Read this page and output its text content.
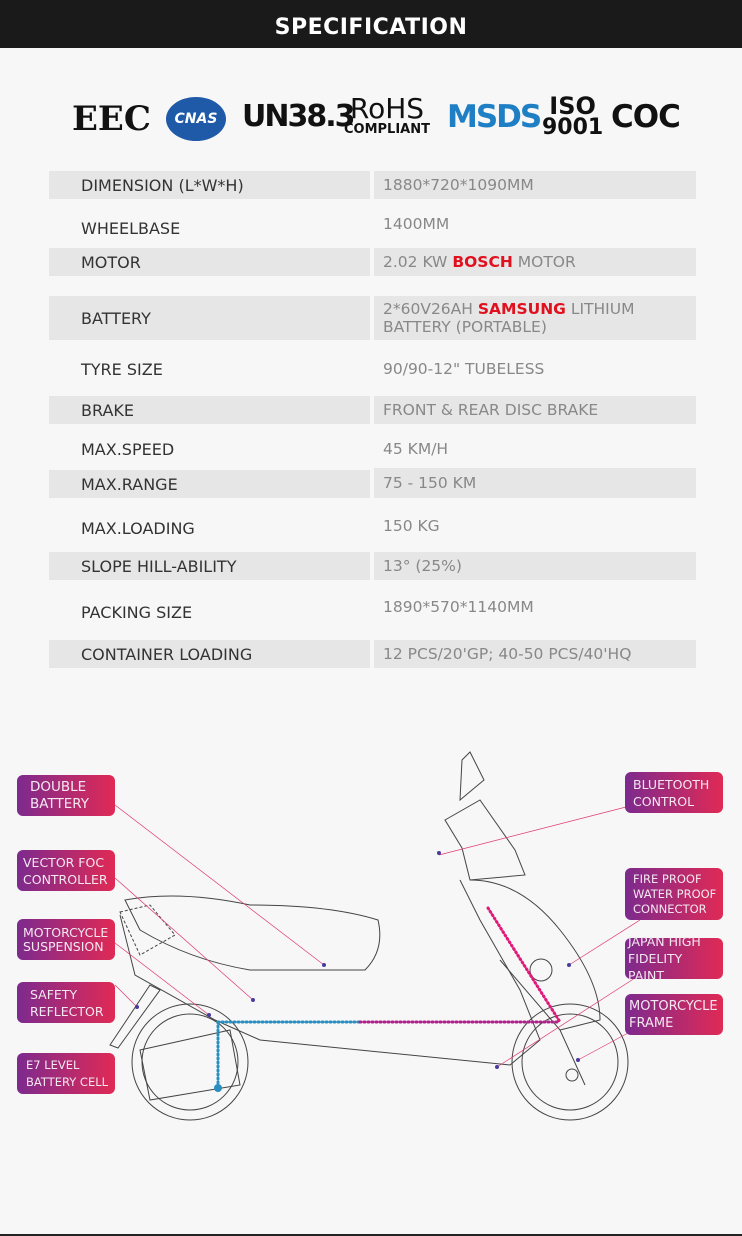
SPECIFICATION
EEC CNAS UN38.3
RoHS
COMPLIANT MSDS ISO
9001 COC
DIMENSION (L*W*H)	1880*720*1090MM
WHEELBASE	1400MM
MOTOR	2.02 KW BOSCH MOTOR
BATTERY	2*60V26AH SAMSUNG LITHIUM BATTERY (PORTABLE)
TYRE SIZE	90/90-12" TUBELESS
BRAKE	FRONT & REAR DISC BRAKE
MAX.SPEED	45 KM/H
MAX.RANGE	75 - 150 KM
MAX.LOADING	150 KG
SLOPE HILL-ABILITY	13° (25%)
PACKING SIZE	1890*570*1140MM
CONTAINER LOADING	12 PCS/20'GP; 40-50 PCS/40'HQ
DOUBLE
BATTERY
VECTOR FOC
CONTROLLER
MOTORCYCLE
SUSPENSION
SAFETY
REFLECTOR
E7 LEVEL
BATTERY CELL
BLUETOOTH
CONTROL
FIRE PROOF
WATER PROOF
CONNECTOR
JAPAN HIGH
FIDELITY PAINT
MOTORCYCLE
FRAME
